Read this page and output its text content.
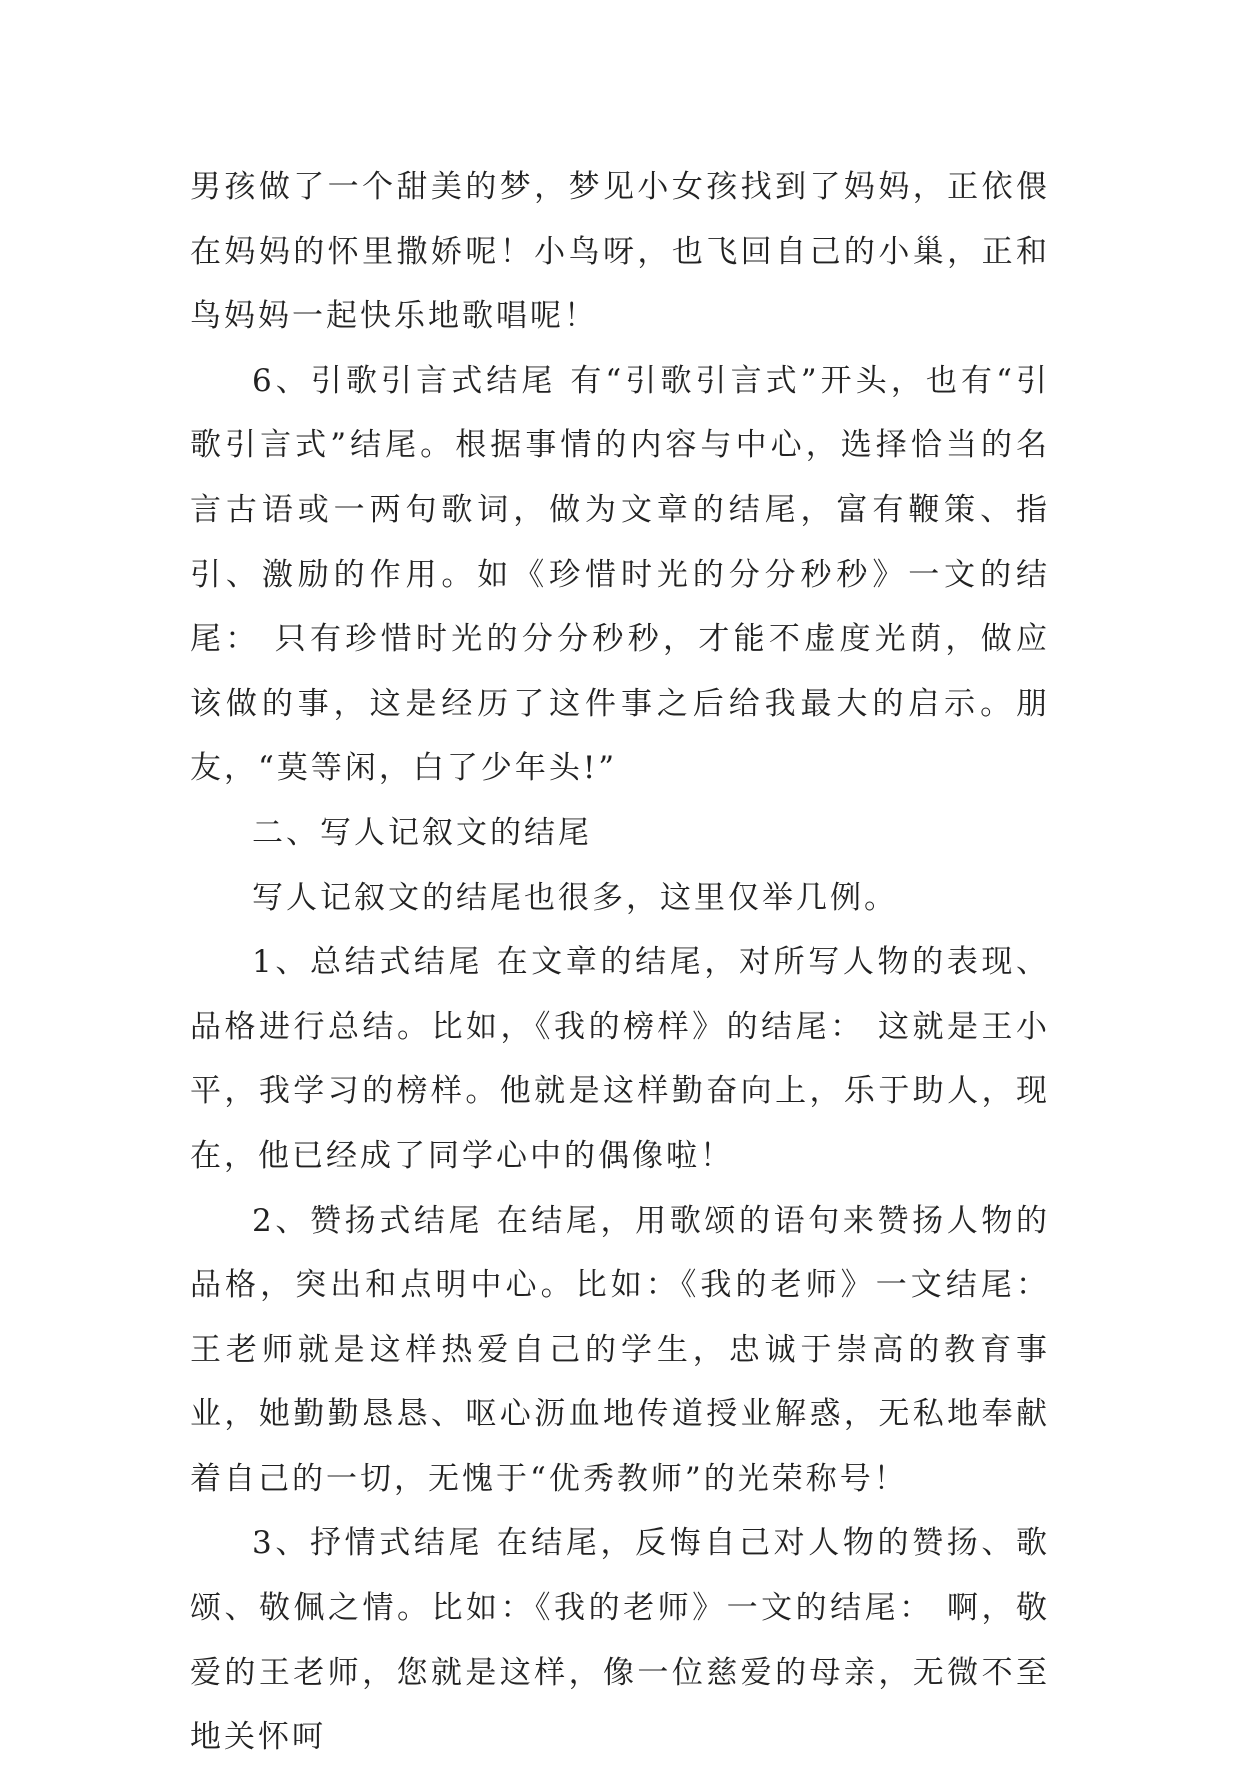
男孩做了一个甜美的梦，梦见小女孩找到了妈妈，正依偎在妈妈的怀里撒娇呢！小鸟呀，也飞回自己的小巢，正和鸟妈妈一起快乐地歌唱呢！

6、引歌引言式结尾 有“引歌引言式”开头，也有“引歌引言式”结尾。根据事情的内容与中心，选择恰当的名言古语或一两句歌词，做为文章的结尾，富有鞭策、指引、激励的作用。如《珍惜时光的分分秒秒》一文的结尾： 只有珍惜时光的分分秒秒，才能不虚度光荫，做应该做的事，这是经历了这件事之后给我最大的启示。朋友，“莫等闲，白了少年头!”

二、写人记叙文的结尾

写人记叙文的结尾也很多，这里仅举几例。

1、总结式结尾 在文章的结尾，对所写人物的表现、品格进行总结。比如，《我的榜样》的结尾： 这就是王小平，我学习的榜样。他就是这样勤奋向上，乐于助人，现在，他已经成了同学心中的偶像啦！

2、赞扬式结尾 在结尾，用歌颂的语句来赞扬人物的品格，突出和点明中心。比如：《我的老师》一文结尾： 王老师就是这样热爱自己的学生，忠诚于崇高的教育事业，她勤勤恳恳、呕心沥血地传道授业解惑，无私地奉献着自己的一切，无愧于“优秀教师”的光荣称号！

3、抒情式结尾 在结尾，反悔自己对人物的赞扬、歌颂、敬佩之情。比如：《我的老师》一文的结尾： 啊，敬爱的王老师，您就是这样，像一位慈爱的母亲，无微不至地关怀呵
